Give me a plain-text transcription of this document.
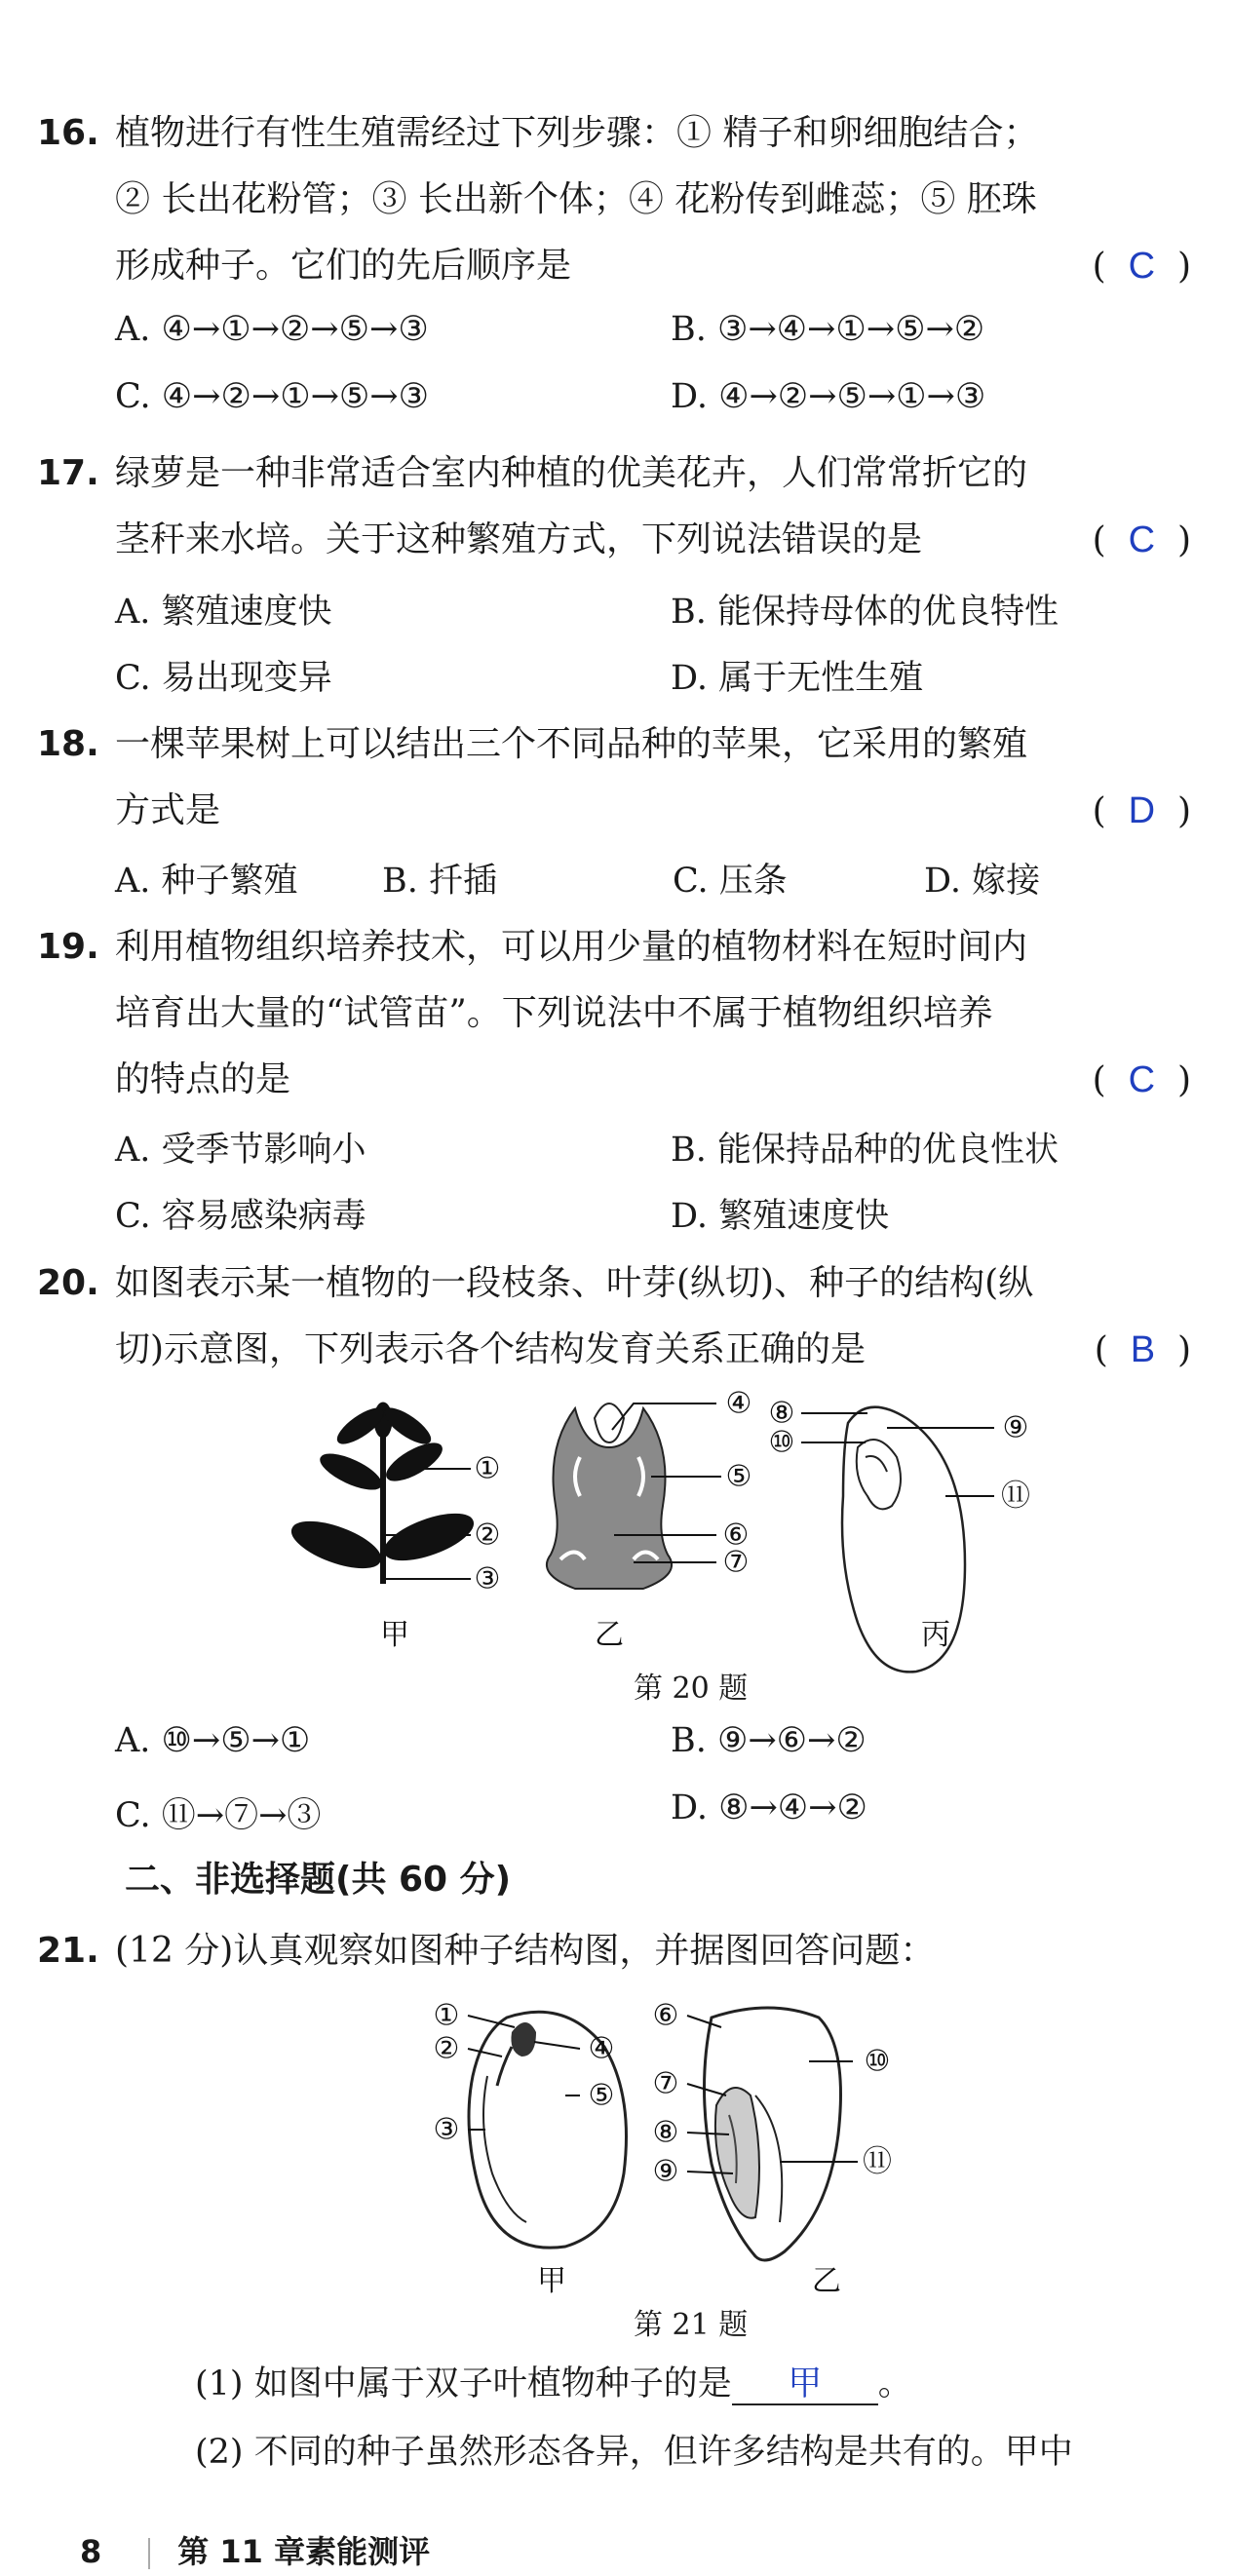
16. 植物进行有性生殖需经过下列步骤：① 精子和卵细胞结合；
② 长出花粉管；③ 长出新个体；④ 花粉传到雌蕊；⑤ 胚珠
形成种子。它们的先后顺序是	(  C  )
A. ④→①→②→⑤→③	B. ③→④→①→⑤→②
C. ④→②→①→⑤→③	D. ④→②→⑤→①→③
17. 绿萝是一种非常适合室内种植的优美花卉，人们常常折它的
茎秆来水培。关于这种繁殖方式，下列说法错误的是	(  C  )
A. 繁殖速度快	B. 能保持母体的优良特性
C. 易出现变异	D. 属于无性生殖
18. 一棵苹果树上可以结出三个不同品种的苹果，它采用的繁殖
方式是	(  D  )
A. 种子繁殖 B. 扦插	C. 压条	D. 嫁接
19. 利用植物组织培养技术，可以用少量的植物材料在短时间内
培育出大量的“试管苗”。下列说法中不属于植物组织培养
的特点的是	(  C  )
A. 受季节影响小	B. 能保持品种的优良性状
C. 容易感染病毒	D. 繁殖速度快
20. 如图表示某一植物的一段枝条、叶芽(纵切)、种子的结构(纵
切)示意图，下列表示各个结构发育关系正确的是	(  B  )
①
②
③
④
⑤
⑥
⑦
⑧
⑩	⑨
⑪
甲	乙	丙
第 20 题
A. ⑩→⑤→①	B. ⑨→⑥→②
C. ⑪→⑦→③	D. ⑧→④→②
二、非选择题(共 60 分)
21. (12 分)认真观察如图种子结构图，并据图回答问题：
①
②
③
④
⑤
⑥
⑦
⑧
⑨
⑩
⑪
甲	乙
第 21 题
(1) 如图中属于双子叶植物种子的是 甲 。
(2) 不同的种子虽然形态各异，但许多结构是共有的。甲中
8 第 11 章素能测评
